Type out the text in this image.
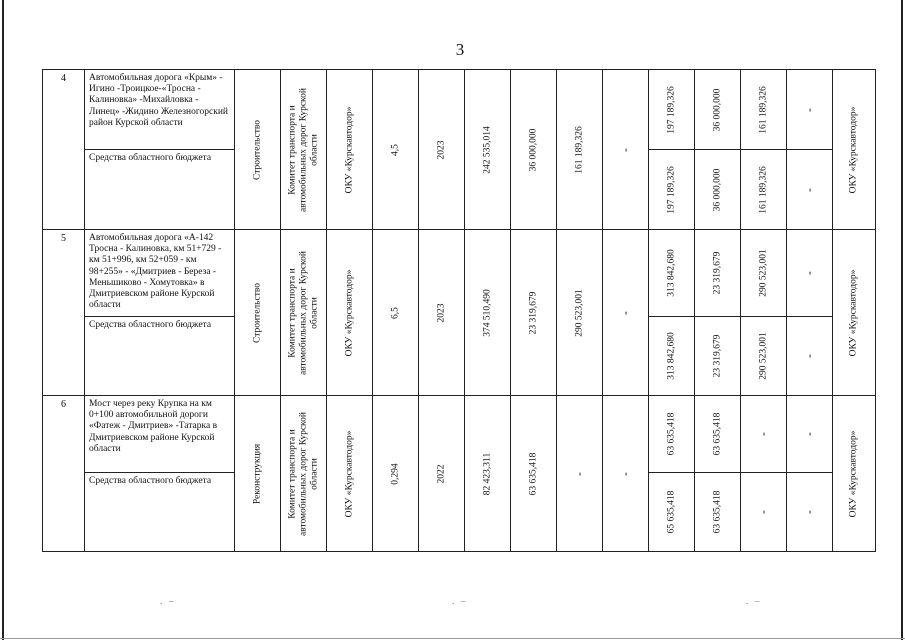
3
4	Автомобильная дорога «Крым» - Игино -Троицкое-«Тросна - Калиновка» -Михайловка - Линец» -Жидино Железногорский район Курской области	Строительство	Комитет транспорта и автомобильных дорог Курской области	ОКУ «Курскавтодор»	4,5	2023	242 535,014	36 000,000	161 189,326	-	197 189,326	36 000,000	161 189,326	-	ОКУ «Курскавтодор»

	Средства областного бюджета										197 189,326	36 000,000	161 189,326	-	

5	Автомобильная дорога «А-142 Тросна - Калиновка, км 51+729 - км 51+996, км 52+059 - км 98+255» - «Дмитриев - Береза - Меньшиково - Хомутовка» в Дмитриевском районе Курской области	Строительство	Комитет транспорта и автомобильных дорог Курской области	ОКУ «Курскавтодор»	6,5	2023	374 510,490	23 319,679	290 523,001	-	313 842,680	23 319,679	290 523,001	-	ОКУ «Курскавтодор»

	Средства областного бюджета										313 842,680	23 319,679	290 523,001	-	

6	Мост через реку Крупка на км 0+100 автомобильной дороги «Фатеж - Дмитриев» -Татарка в Дмитриевском районе Курской области	Реконструкция	Комитет транспорта и автомобильных дорог Курской области	ОКУ «Курскавтодор»	0,294	2022	82 423,311	63 635,418	-	-	63 635,418	63 635,418	-	-	ОКУ «Курскавтодор»

	Средства областного бюджета										65 635,418	63 635,418	-	-	
.   –	.   –	.   –
